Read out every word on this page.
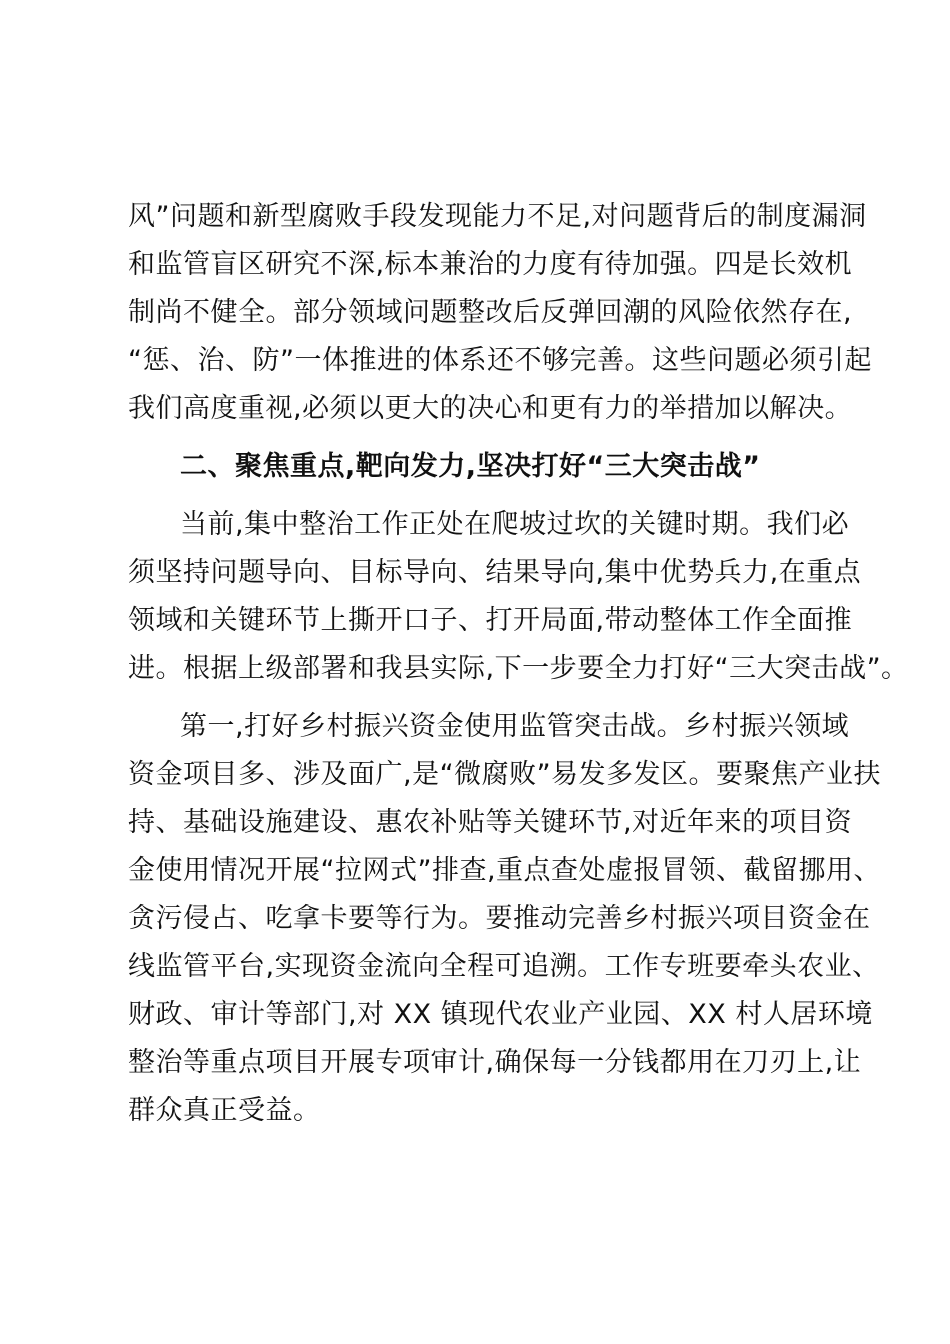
风”问题和新型腐败手段发现能力不足,对问题背后的制度漏洞
和监管盲区研究不深,标本兼治的力度有待加强。四是长效机
制尚不健全。部分领域问题整改后反弹回潮的风险依然存在,
“惩、治、防”一体推进的体系还不够完善。这些问题必须引起
我们高度重视,必须以更大的决心和更有力的举措加以解决。
二、聚焦重点,靶向发力,坚决打好“三大突击战”
当前,集中整治工作正处在爬坡过坎的关键时期。我们必
须坚持问题导向、目标导向、结果导向,集中优势兵力,在重点
领域和关键环节上撕开口子、打开局面,带动整体工作全面推
进。根据上级部署和我县实际,下一步要全力打好“三大突击战”。
第一,打好乡村振兴资金使用监管突击战。乡村振兴领域
资金项目多、涉及面广,是“微腐败”易发多发区。要聚焦产业扶
持、基础设施建设、惠农补贴等关键环节,对近年来的项目资
金使用情况开展“拉网式”排查,重点查处虚报冒领、截留挪用、
贪污侵占、吃拿卡要等行为。要推动完善乡村振兴项目资金在
线监管平台,实现资金流向全程可追溯。工作专班要牵头农业、
财政、审计等部门,对 XX 镇现代农业产业园、XX 村人居环境
整治等重点项目开展专项审计,确保每一分钱都用在刀刃上,让
群众真正受益。
